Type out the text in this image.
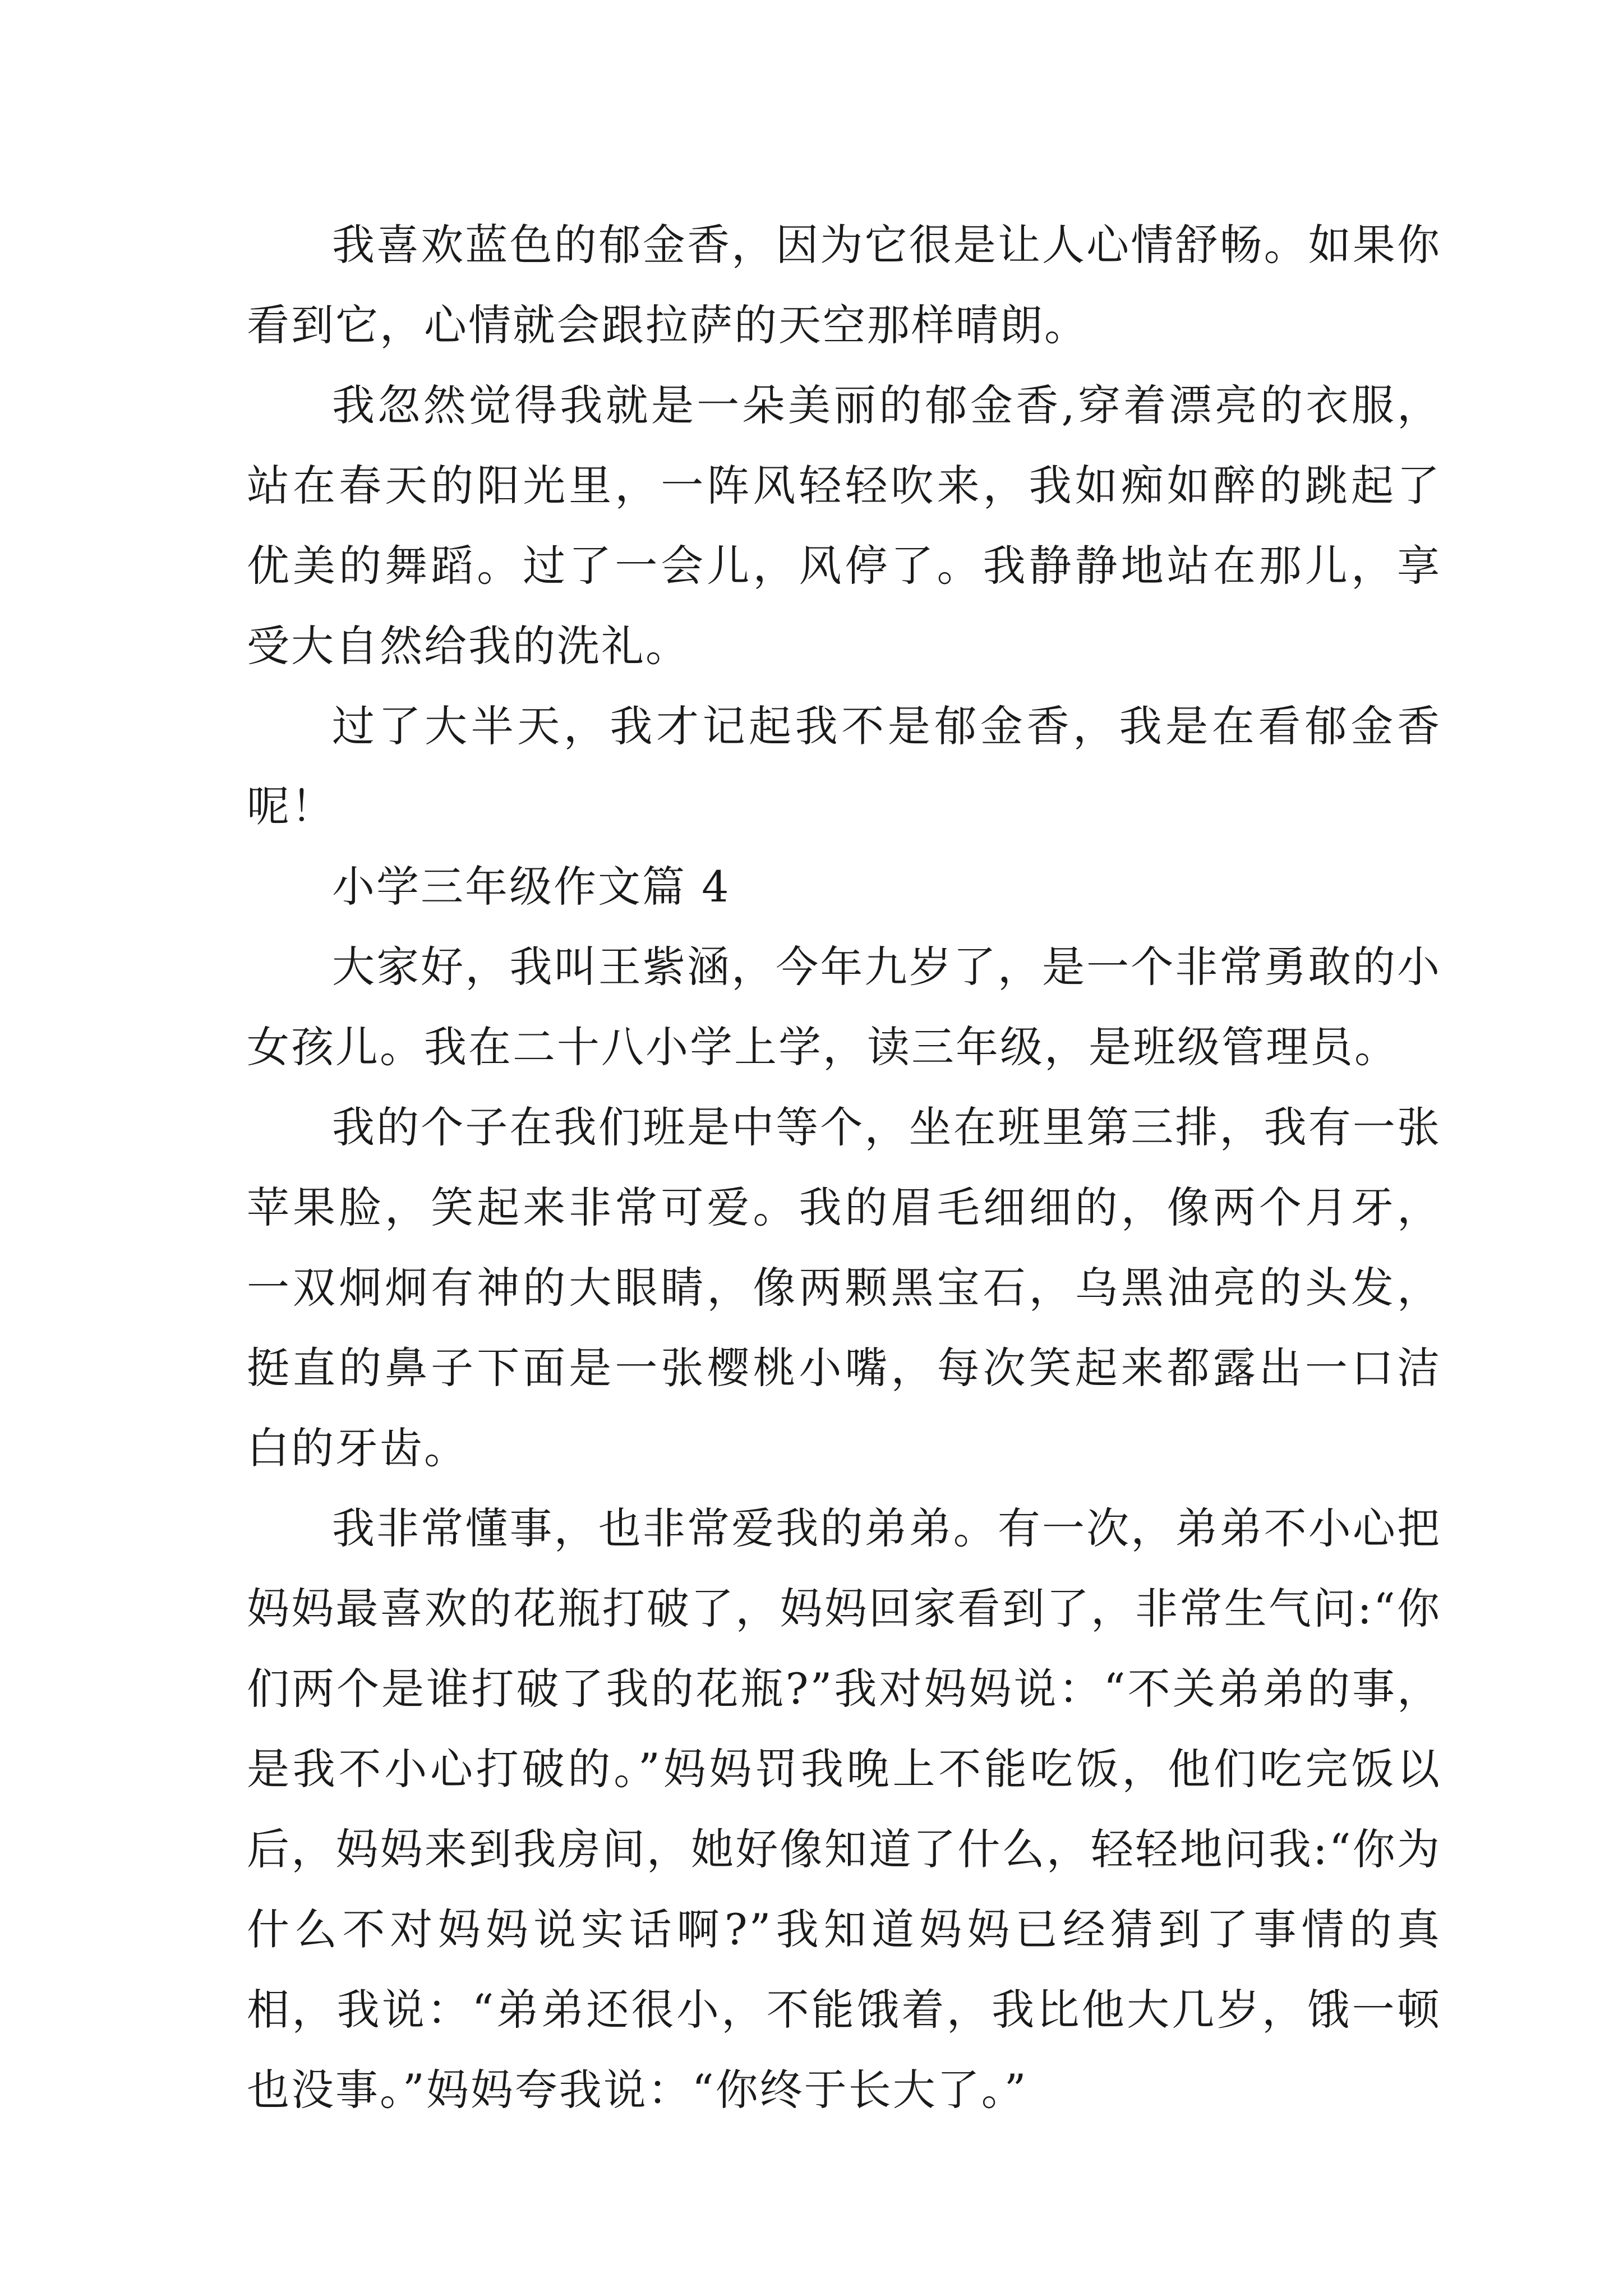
我喜欢蓝色的郁金香，因为它很是让人心情舒畅。如果你看到它，心情就会跟拉萨的天空那样晴朗。

我忽然觉得我就是一朵美丽的郁金香,穿着漂亮的衣服，站在春天的阳光里，一阵风轻轻吹来，我如痴如醉的跳起了优美的舞蹈。过了一会儿，风停了。我静静地站在那儿，享受大自然给我的洗礼。

过了大半天，我才记起我不是郁金香，我是在看郁金香呢！

小学三年级作文篇 4

大家好，我叫王紫涵，今年九岁了，是一个非常勇敢的小女孩儿。我在二十八小学上学，读三年级，是班级管理员。

我的个子在我们班是中等个，坐在班里第三排，我有一张苹果脸，笑起来非常可爱。我的眉毛细细的，像两个月牙，一双炯炯有神的大眼睛，像两颗黑宝石，乌黑油亮的头发，挺直的鼻子下面是一张樱桃小嘴，每次笑起来都露出一口洁白的牙齿。

我非常懂事，也非常爱我的弟弟。有一次，弟弟不小心把妈妈最喜欢的花瓶打破了，妈妈回家看到了，非常生气问:“你们两个是谁打破了我的花瓶?”我对妈妈说：“不关弟弟的事，是我不小心打破的。”妈妈罚我晚上不能吃饭，他们吃完饭以后，妈妈来到我房间，她好像知道了什么，轻轻地问我:“你为什么不对妈妈说实话啊?”我知道妈妈已经猜到了事情的真相，我说：“弟弟还很小，不能饿着，我比他大几岁，饿一顿也没事。”妈妈夸我说：“你终于长大了。”
